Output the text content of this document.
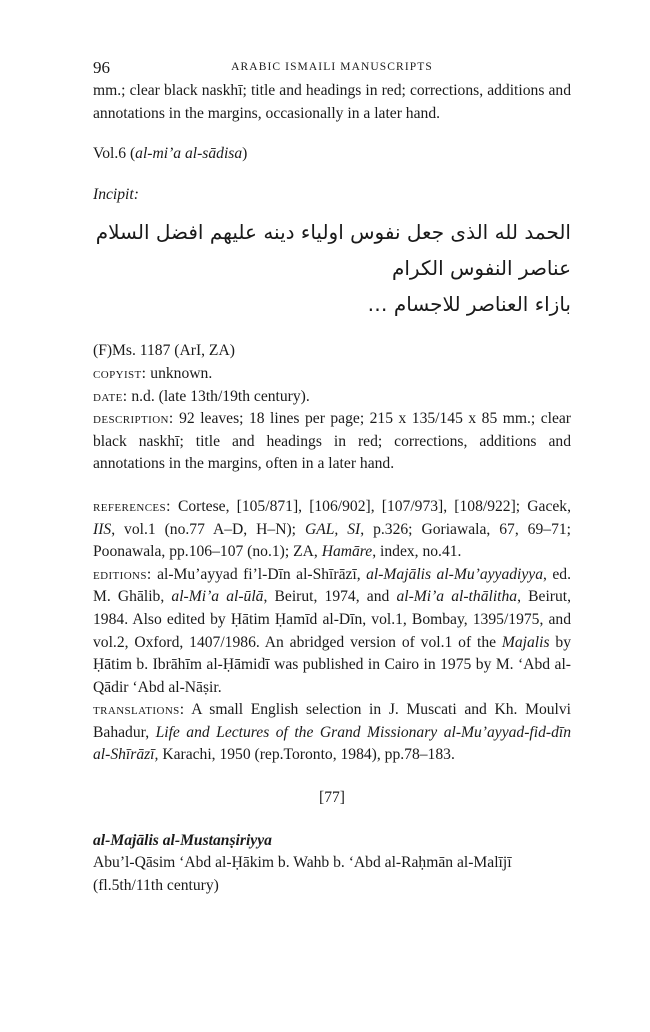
96	ARABIC ISMAILI MANUSCRIPTS

mm.; clear black naskhī; title and headings in red; corrections, additions and annotations in the margins, occasionally in a later hand.

Vol.6 (al-mi’a al-sādisa)

Incipit:

الحمد لله الذى جعل نفوس اولياء دينه عليهم افضل السلام عناصر النفوس الكرام
بازاء العناصر للاجسام …

(F)Ms. 1187 (ArI, ZA)

copyist: unknown.

date: n.d. (late 13th/19th century).

description: 92 leaves; 18 lines per page; 215 x 135/145 x 85 mm.; clear black naskhī; title and headings in red; corrections, additions and annotations in the margins, often in a later hand.

references: Cortese, [105/871], [106/902], [107/973], [108/922]; Gacek, IIS, vol.1 (no.77 A–D, H–N); GAL, SI, p.326; Goriawala, 67, 69–71; Poonawala, pp.106–107 (no.1); ZA, Hamāre, index, no.41.

editions: al-Mu’ayyad fi’l-Dīn al-Shīrāzī, al-Majālis al-Mu’ayyadiyya, ed. M. Ghālib, al-Mi’a al-ūlā, Beirut, 1974, and al-Mi’a al-thālitha, Beirut, 1984. Also edited by Ḥātim Ḥamīd al-Dīn, vol.1, Bombay, 1395/1975, and vol.2, Oxford, 1407/1986. An abridged version of vol.1 of the Majalis by Ḥātim b. Ibrāhīm al-Ḥāmidī was published in Cairo in 1975 by M. ‘Abd al-Qādir ‘Abd al-Nāṣir.

translations: A small English selection in J. Muscati and Kh. Moulvi Bahadur, Life and Lectures of the Grand Missionary al-Mu’ayyad-fid-dīn al-Shīrāzī, Karachi, 1950 (rep.Toronto, 1984), pp.78–183.

[77]

al-Majālis al-Mustanṣiriyya

Abu’l-Qāsim ‘Abd al-Ḥākim b. Wahb b. ‘Abd al-Raḥmān al-Malījī

(fl.5th/11th century)
